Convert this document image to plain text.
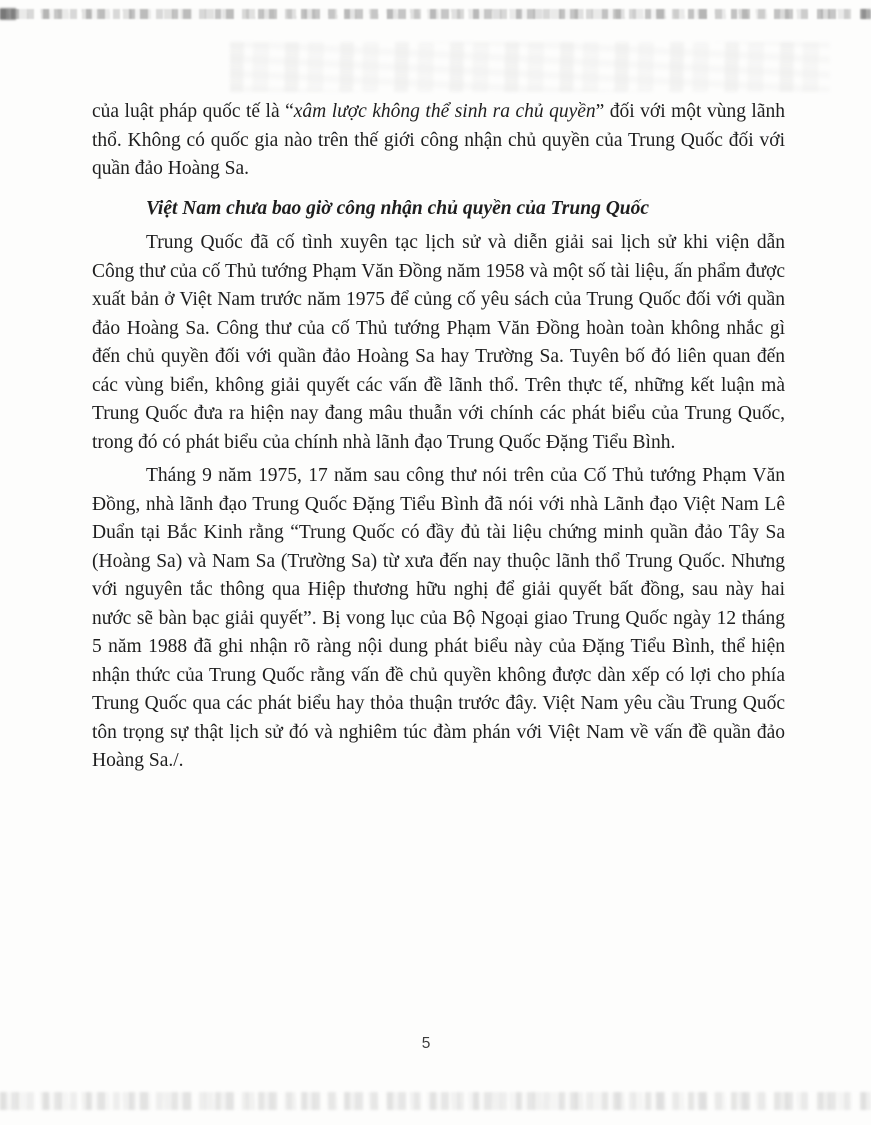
của luật pháp quốc tế là “xâm lược không thể sinh ra chủ quyền” đối với một vùng lãnh thổ. Không có quốc gia nào trên thế giới công nhận chủ quyền của Trung Quốc đối với quần đảo Hoàng Sa.

Việt Nam chưa bao giờ công nhận chủ quyền của Trung Quốc

Trung Quốc đã cố tình xuyên tạc lịch sử và diễn giải sai lịch sử khi viện dẫn Công thư của cố Thủ tướng Phạm Văn Đồng năm 1958 và một số tài liệu, ấn phẩm được xuất bản ở Việt Nam trước năm 1975 để củng cố yêu sách của Trung Quốc đối với quần đảo Hoàng Sa. Công thư của cố Thủ tướng Phạm Văn Đồng hoàn toàn không nhắc gì đến chủ quyền đối với quần đảo Hoàng Sa hay Trường Sa. Tuyên bố đó liên quan đến các vùng biển, không giải quyết các vấn đề lãnh thổ. Trên thực tế, những kết luận mà Trung Quốc đưa ra hiện nay đang mâu thuẫn với chính các phát biểu của Trung Quốc, trong đó có phát biểu của chính nhà lãnh đạo Trung Quốc Đặng Tiểu Bình.

Tháng 9 năm 1975, 17 năm sau công thư nói trên của Cố Thủ tướng Phạm Văn Đồng, nhà lãnh đạo Trung Quốc Đặng Tiểu Bình đã nói với nhà Lãnh đạo Việt Nam Lê Duẩn tại Bắc Kinh rằng “Trung Quốc có đầy đủ tài liệu chứng minh quần đảo Tây Sa (Hoàng Sa) và Nam Sa (Trường Sa) từ xưa đến nay thuộc lãnh thổ Trung Quốc. Nhưng với nguyên tắc thông qua Hiệp thương hữu nghị để giải quyết bất đồng, sau này hai nước sẽ bàn bạc giải quyết”. Bị vong lục của Bộ Ngoại giao Trung Quốc ngày 12 tháng 5 năm 1988 đã ghi nhận rõ ràng nội dung phát biểu này của Đặng Tiểu Bình, thể hiện nhận thức của Trung Quốc rằng vấn đề chủ quyền không được dàn xếp có lợi cho phía Trung Quốc qua các phát biểu hay thỏa thuận trước đây. Việt Nam yêu cầu Trung Quốc tôn trọng sự thật lịch sử đó và nghiêm túc đàm phán với Việt Nam về vấn đề quần đảo Hoàng Sa./.

5
